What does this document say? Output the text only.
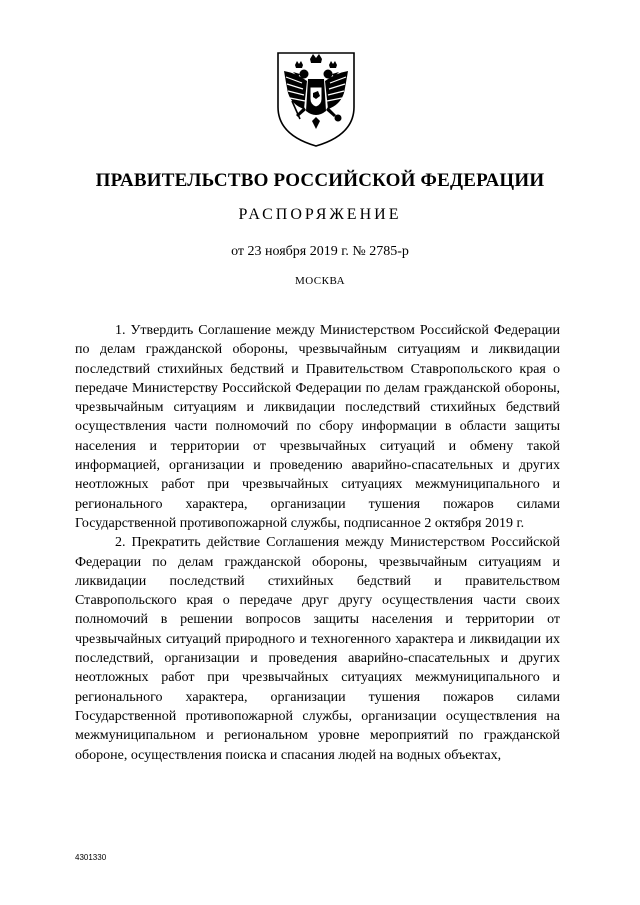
ПРАВИТЕЛЬСТВО РОССИЙСКОЙ ФЕДЕРАЦИИ
РАСПОРЯЖЕНИЕ
от 23 ноября 2019 г. № 2785-р
МОСКВА

1. Утвердить Соглашение между Министерством Российской Федерации по делам гражданской обороны, чрезвычайным ситуациям и ликвидации последствий стихийных бедствий и Правительством Ставропольского края о передаче Министерству Российской Федерации по делам гражданской обороны, чрезвычайным ситуациям и ликвидации последствий стихийных бедствий осуществления части полномочий по сбору информации в области защиты населения и территории от чрезвычайных ситуаций и обмену такой информацией, организации и проведению аварийно-спасательных и других неотложных работ при чрезвычайных ситуациях межмуниципального и регионального характера, организации тушения пожаров силами Государственной противопожарной службы, подписанное 2 октября 2019 г.

2. Прекратить действие Соглашения между Министерством Российской Федерации по делам гражданской обороны, чрезвычайным ситуациям и ликвидации последствий стихийных бедствий и правительством Ставропольского края о передаче друг другу осуществления части своих полномочий в решении вопросов защиты населения и территории от чрезвычайных ситуаций природного и техногенного характера и ликвидации их последствий, организации и проведения аварийно-спасательных и других неотложных работ при чрезвычайных ситуациях межмуниципального и регионального характера, организации тушения пожаров силами Государственной противопожарной службы, организации осуществления на межмуниципальном и региональном уровне мероприятий по гражданской обороне, осуществления поиска и спасания людей на водных объектах,

4301330
